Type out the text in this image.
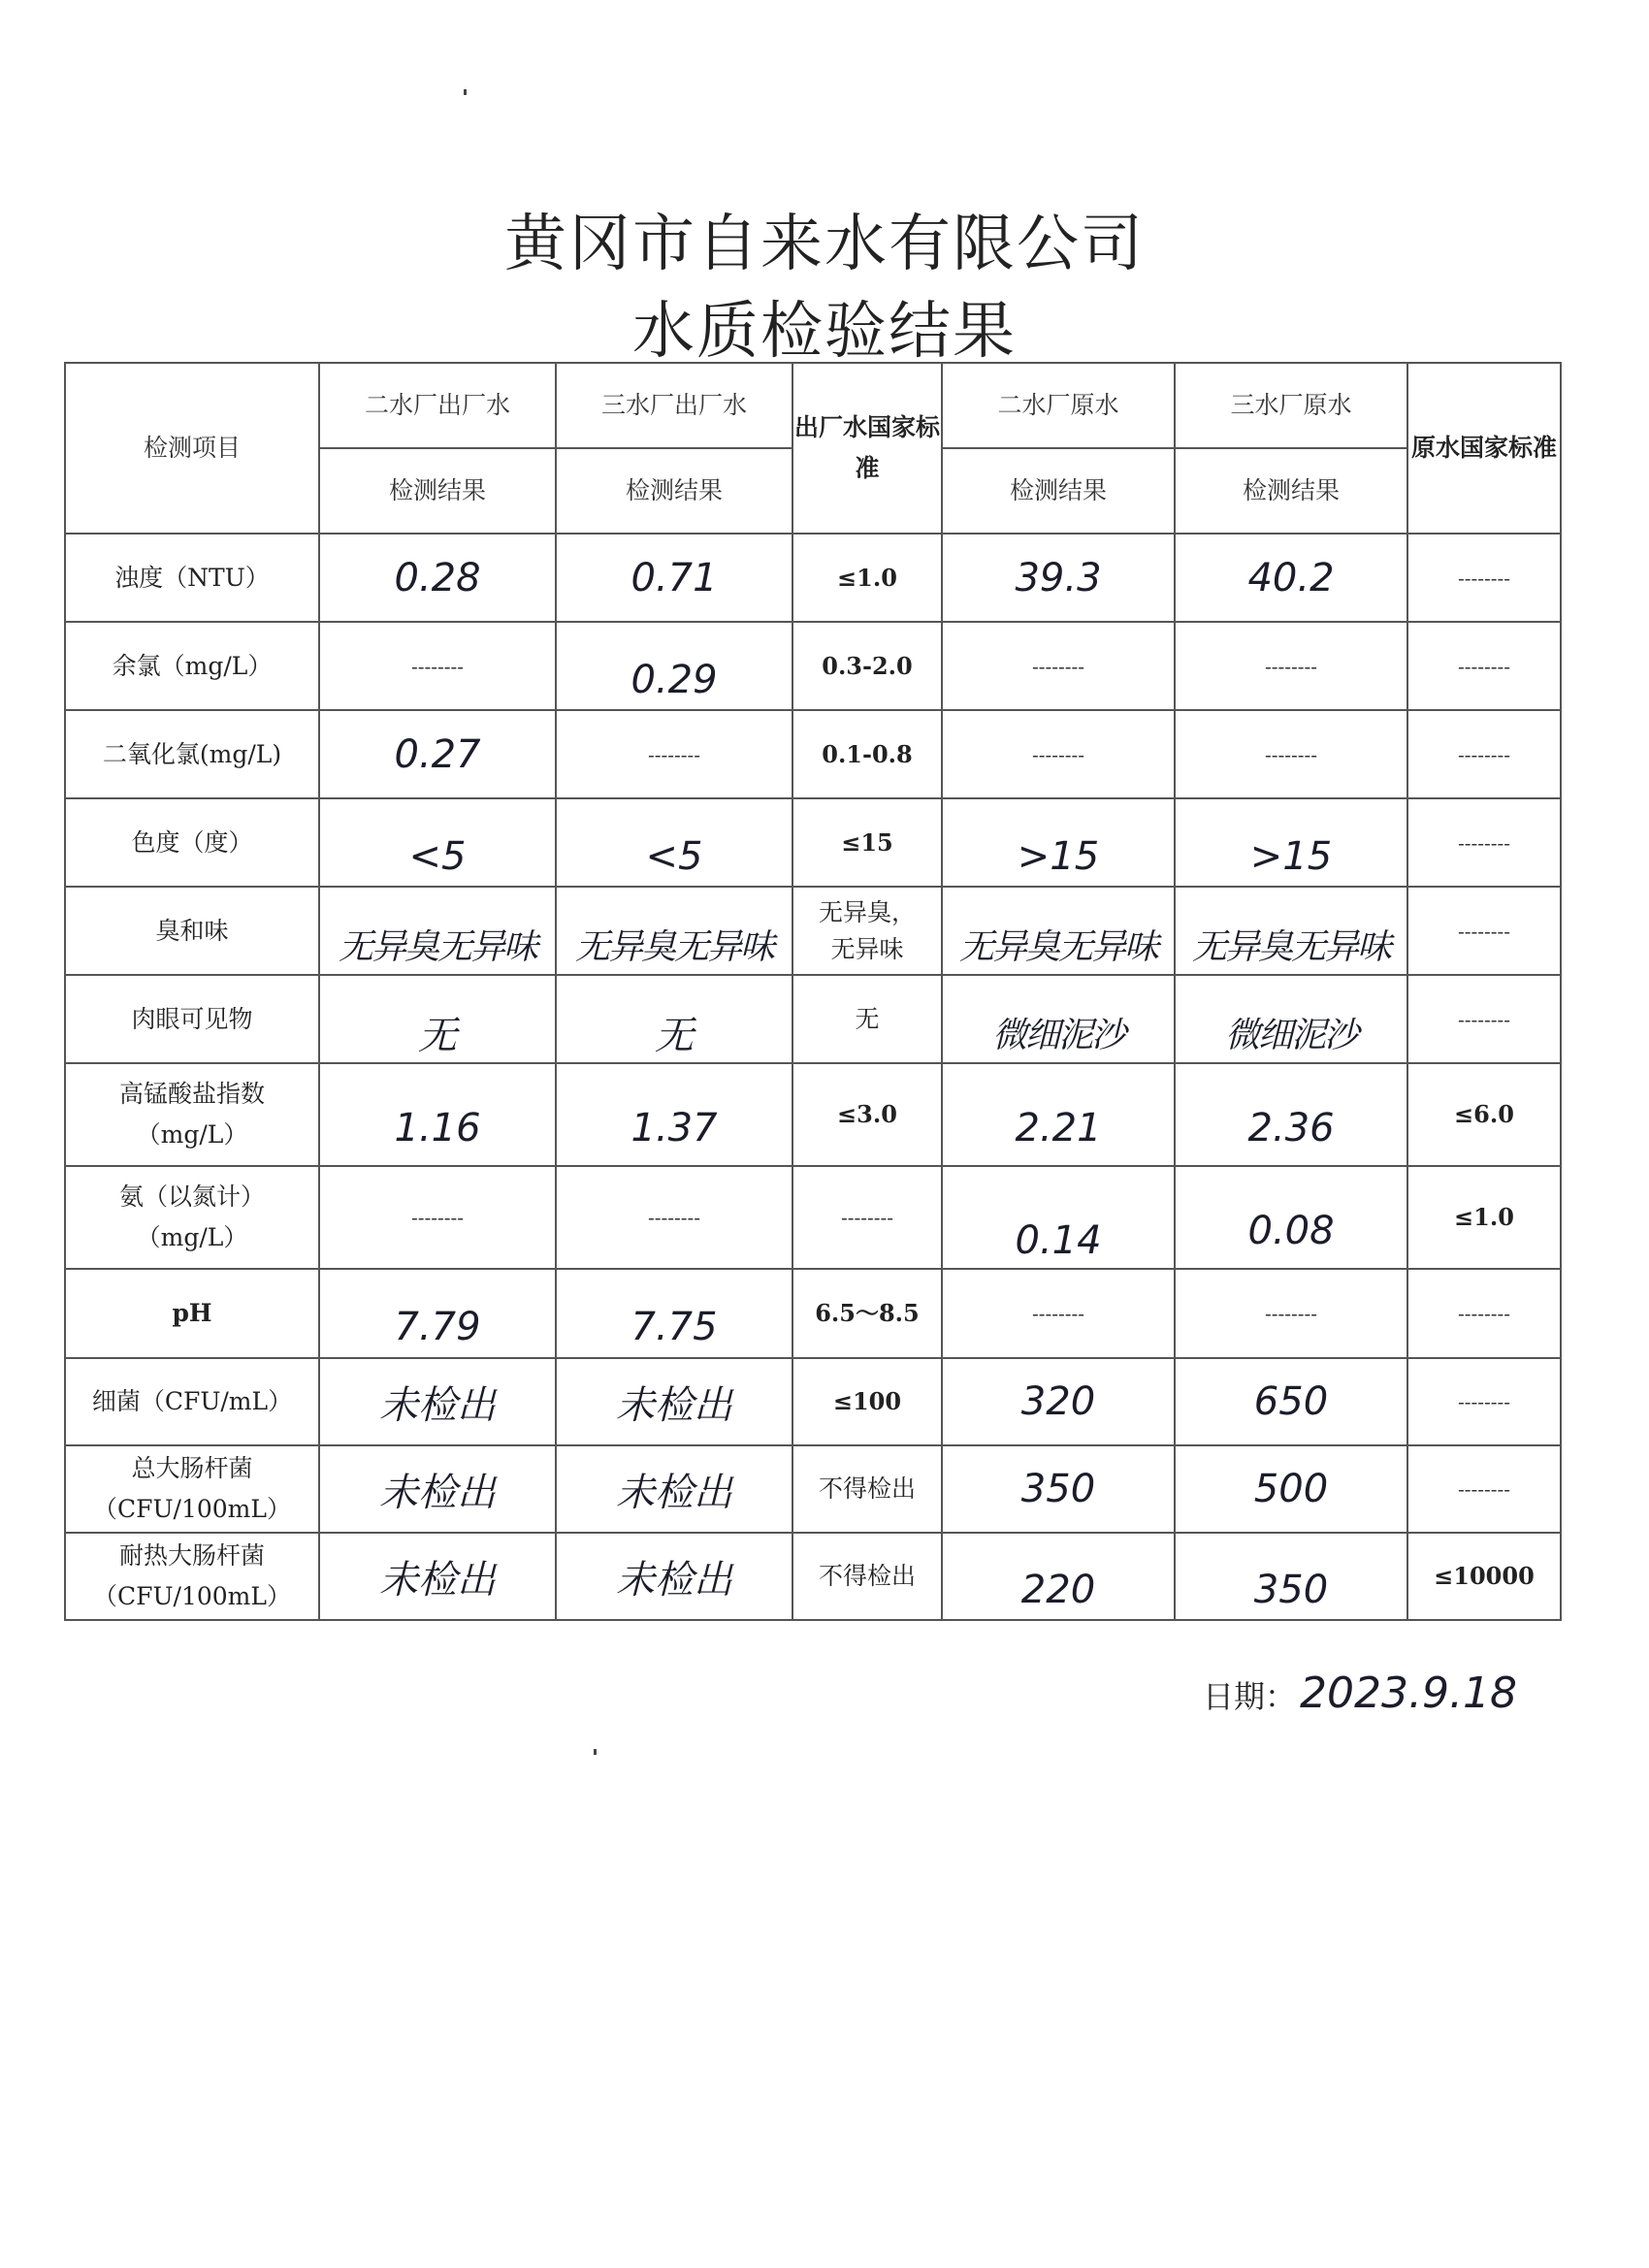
黄冈市自来水有限公司
水质检验结果
检测项目	二水厂出厂水	三水厂出厂水	出厂水国家标准	二水厂原水	三水厂原水	原水国家标准
	检测结果	检测结果		检测结果	检测结果	
浊度（NTU）	0.28	0.71	≤1.0	39.3	40.2	--------
余氯（mg/L）	--------	0.29	0.3-2.0	--------	--------	--------
二氧化氯(mg/L)	0.27	--------	0.1-0.8	--------	--------	--------
色度（度）	<5	<5	≤15	>15	>15	--------
臭和味	无异臭无异味	无异臭无异味	无异臭，无异味	无异臭无异味	无异臭无异味	--------
肉眼可见物	无	无	无	微细泥沙	微细泥沙	--------
高锰酸盐指数（mg/L）	1.16	1.37	≤3.0	2.21	2.36	≤6.0
氨（以氮计）（mg/L）	--------	--------	--------	0.14	0.08	≤1.0
pH	7.79	7.75	6.5～8.5	--------	--------	--------
细菌（CFU/mL）	未检出	未检出	≤100	320	650	--------
总大肠杆菌（CFU/100mL）	未检出	未检出	不得检出	350	500	--------
耐热大肠杆菌（CFU/100mL）	未检出	未检出	不得检出	220	350	≤10000
日期：2023.9.18
